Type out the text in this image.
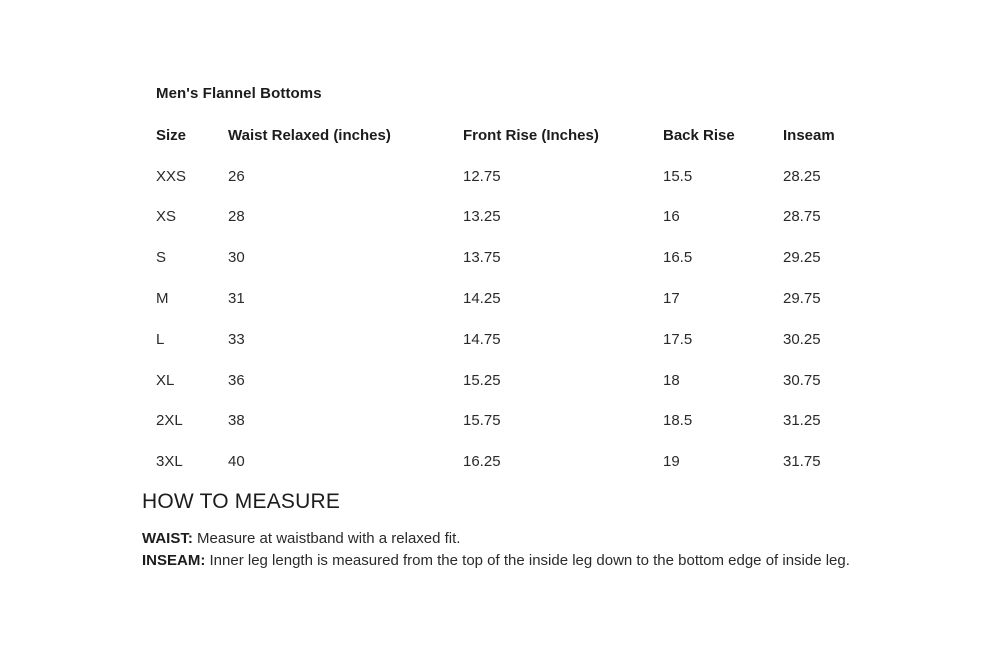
Men's Flannel Bottoms
Size	Waist Relaxed (inches)	Front Rise (Inches)	Back Rise	Inseam
XXS	26	12.75	15.5	28.25
XS	28	13.25	16	28.75
S	30	13.75	16.5	29.25
M	31	14.25	17	29.75
L	33	14.75	17.5	30.25
XL	36	15.25	18	30.75
2XL	38	15.75	18.5	31.25
3XL	40	16.25	19	31.75
HOW TO MEASURE
WAIST: Measure at waistband with a relaxed fit.
INSEAM: Inner leg length is measured from the top of the inside leg down to the bottom edge of inside leg.
